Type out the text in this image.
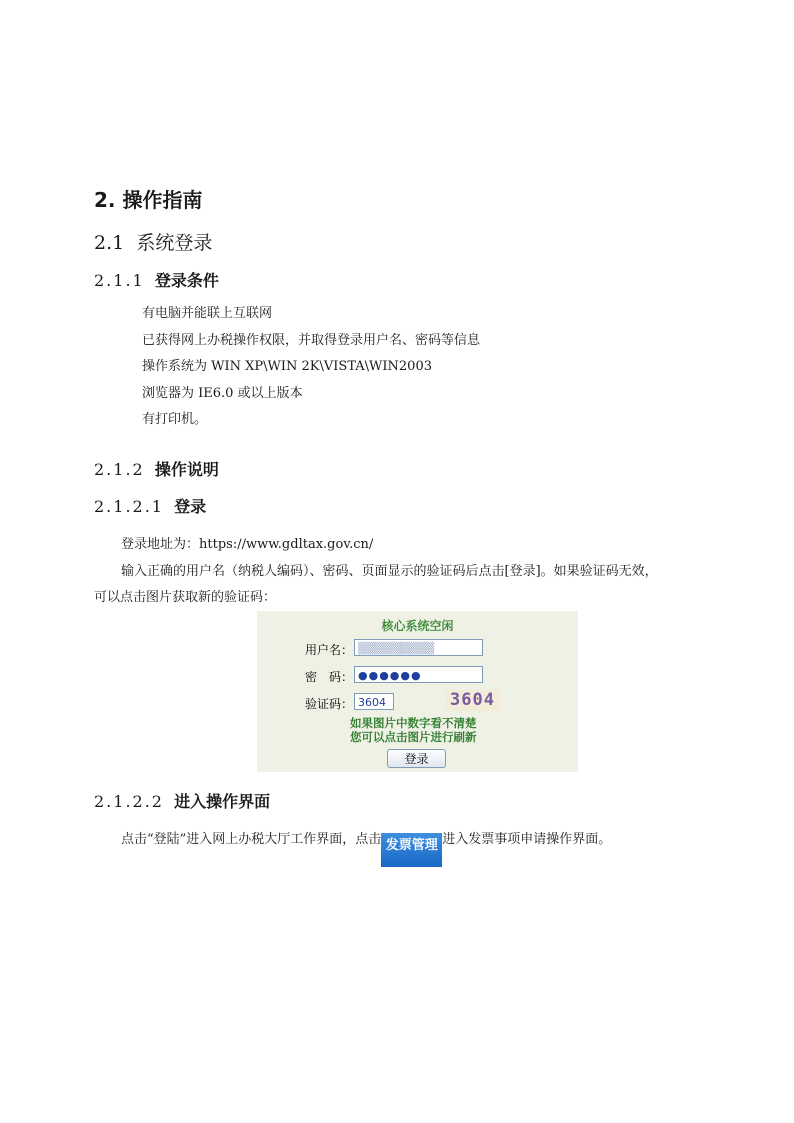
2. 操作指南
2.1 系统登录
2.1.1 登录条件
有电脑并能联上互联网
已获得网上办税操作权限，并取得登录用户名、密码等信息
操作系统为 WIN XP\WIN 2K\VISTA\WIN2003
浏览器为 IE6.0 或以上版本
有打印机。
2.1.2 操作说明
2.1.2.1 登录
登录地址为：https://www.gdltax.gov.cn/
输入正确的用户名（纳税人编码）、密码、页面显示的验证码后点击[登录]。如果验证码无效，
可以点击图片获取新的验证码：
核心系统空闲
用户名： ▒▒▒▒▒▒▒▒▒
密　码： ●●●●●●
验证码： 3604	3604
如果图片中数字看不清楚
您可以点击图片进行刷新
登录
2.1.2.2 进入操作界面
点击“登陆”进入网上办税大厅工作界面，点击 发票管理 进入发票事项申请操作界面。
